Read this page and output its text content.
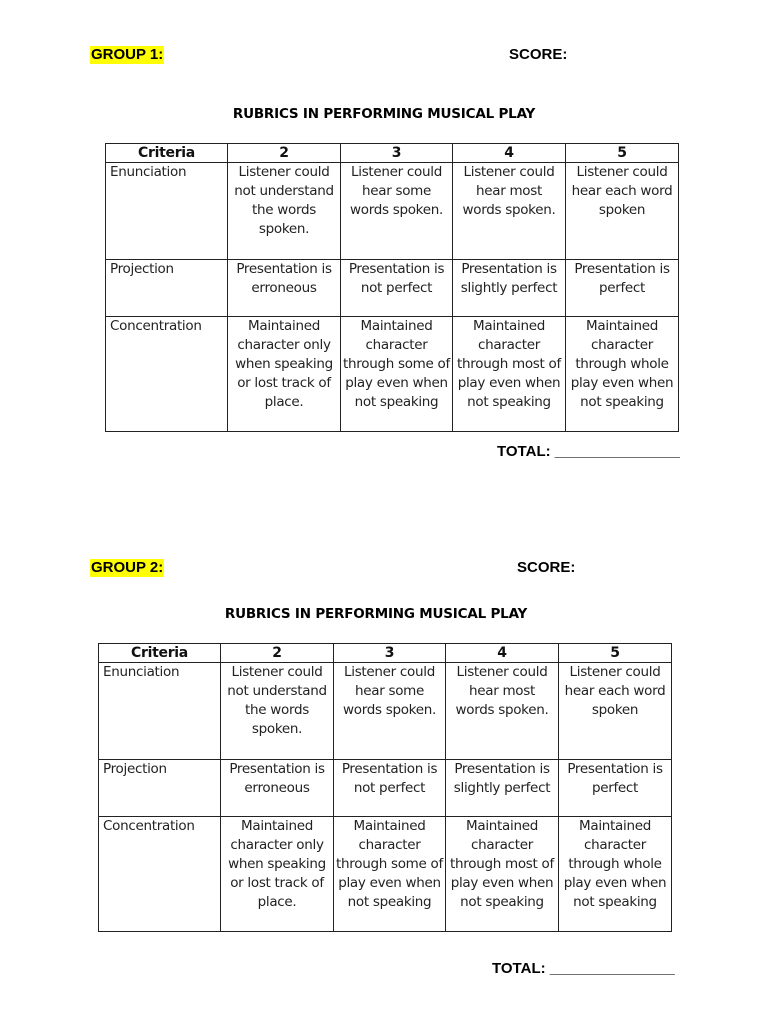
GROUP 1:	SCORE:
RUBRICS IN PERFORMING MUSICAL PLAY
Criteria	2	3	4	5
Enunciation	Listener could not understand the words spoken.	Listener could hear some words spoken.	Listener could hear most words spoken.	Listener could hear each word spoken
Projection	Presentation is erroneous	Presentation is not perfect	Presentation is slightly perfect	Presentation is perfect
Concentration	Maintained character only when speaking or lost track of place.	Maintained character through some of play even when not speaking	Maintained character through most of play even when not speaking	Maintained character through whole play even when not speaking
TOTAL: _______________
GROUP 2:	SCORE:
RUBRICS IN PERFORMING MUSICAL PLAY
Criteria	2	3	4	5
Enunciation	Listener could not understand the words spoken.	Listener could hear some words spoken.	Listener could hear most words spoken.	Listener could hear each word spoken
Projection	Presentation is erroneous	Presentation is not perfect	Presentation is slightly perfect	Presentation is perfect
Concentration	Maintained character only when speaking or lost track of place.	Maintained character through some of play even when not speaking	Maintained character through most of play even when not speaking	Maintained character through whole play even when not speaking
TOTAL: _______________
